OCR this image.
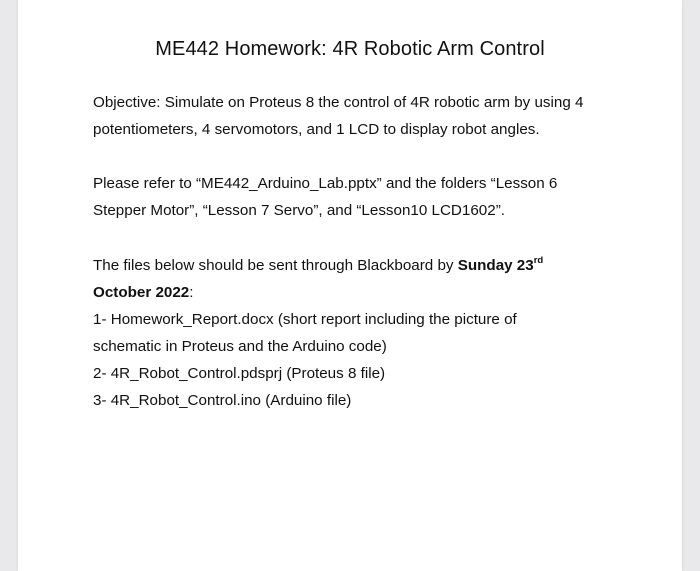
ME442 Homework: 4R Robotic Arm Control
Objective: Simulate on Proteus 8 the control of 4R robotic arm by using 4
potentiometers, 4 servomotors, and 1 LCD to display robot angles.
Please refer to “ME442_Arduino_Lab.pptx” and the folders “Lesson 6
Stepper Motor”, “Lesson 7 Servo”, and “Lesson10 LCD1602”.
The files below should be sent through Blackboard by Sunday 23rd
October 2022:
1- Homework_Report.docx (short report including the picture of
schematic in Proteus and the Arduino code)
2- 4R_Robot_Control.pdsprj (Proteus 8 file)
3- 4R_Robot_Control.ino (Arduino file)
